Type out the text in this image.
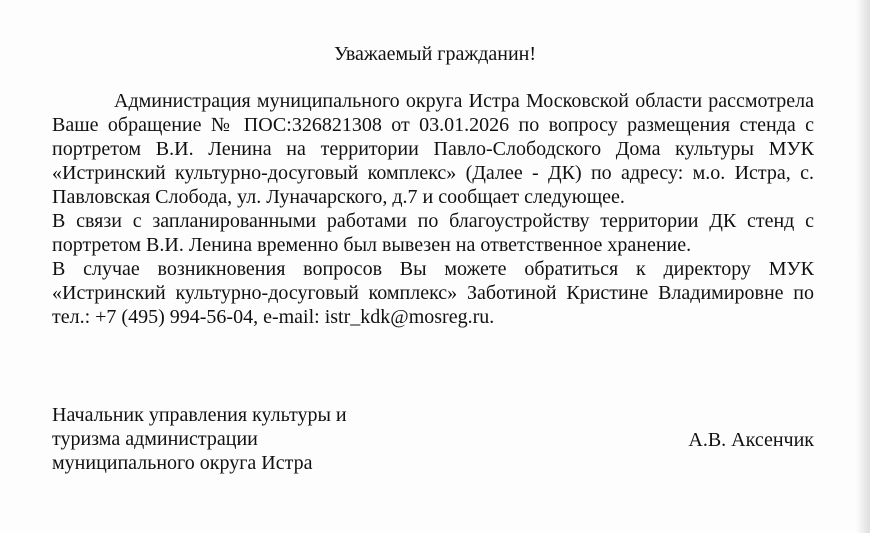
Уважаемый гражданин!

Администрация муниципального округа Истра Московской области рассмотрела Ваше обращение № ПОС:326821308 от 03.01.2026 по вопросу размещения стенда с портретом В.И. Ленина на территории Павло-Слободского Дома культуры МУК «Истринский культурно-досуговый комплекс» (Далее - ДК) по адресу: м.о. Истра, с. Павловская Слобода, ул. Луначарского, д.7 и сообщает следующее.

В связи с запланированными работами по благоустройству территории ДК стенд с портретом В.И. Ленина временно был вывезен на ответственное хранение.

В случае возникновения вопросов Вы можете обратиться к директору МУК «Истринский культурно-досуговый комплекс» Заботиной Кристине Владимировне по тел.: +7 (495) 994-56-04, e-mail: istr_kdk@mosreg.ru.

Начальник управления культуры и
туризма администрации
муниципального округа Истра
А.В. Аксенчик
